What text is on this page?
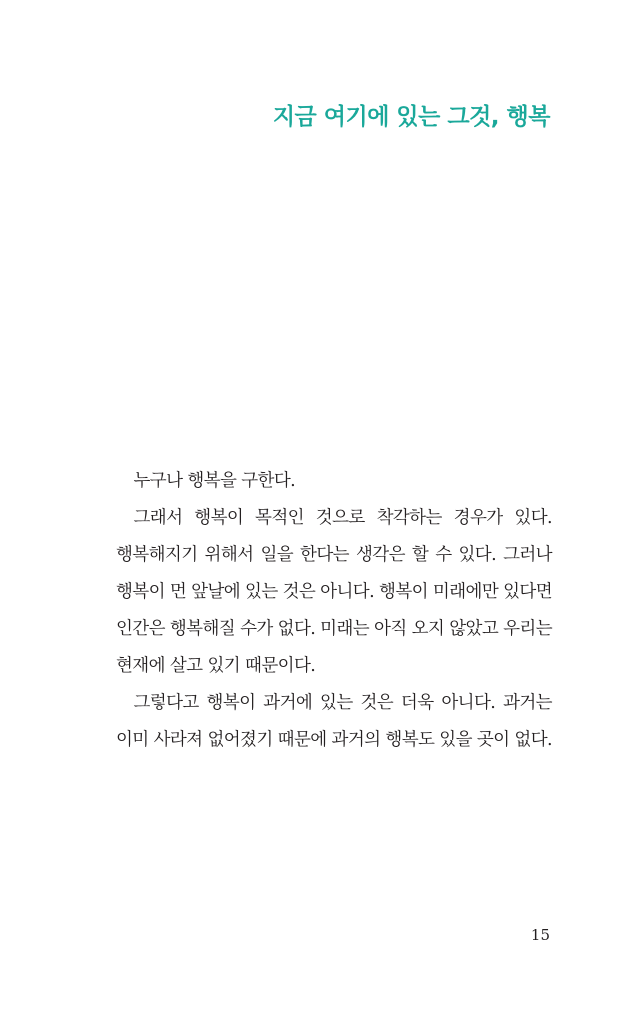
지금 여기에 있는 그것, 행복

누구나 행복을 구한다.

그래서 행복이 목적인 것으로 착각하는 경우가 있다. 행복해지기 위해서 일을 한다는 생각은 할 수 있다. 그러나 행복이 먼 앞날에 있는 것은 아니다. 행복이 미래에만 있다면 인간은 행복해질 수가 없다. 미래는 아직 오지 않았고 우리는 현재에 살고 있기 때문이다.

그렇다고 행복이 과거에 있는 것은 더욱 아니다. 과거는 이미 사라져 없어졌기 때문에 과거의 행복도 있을 곳이 없다.

15
